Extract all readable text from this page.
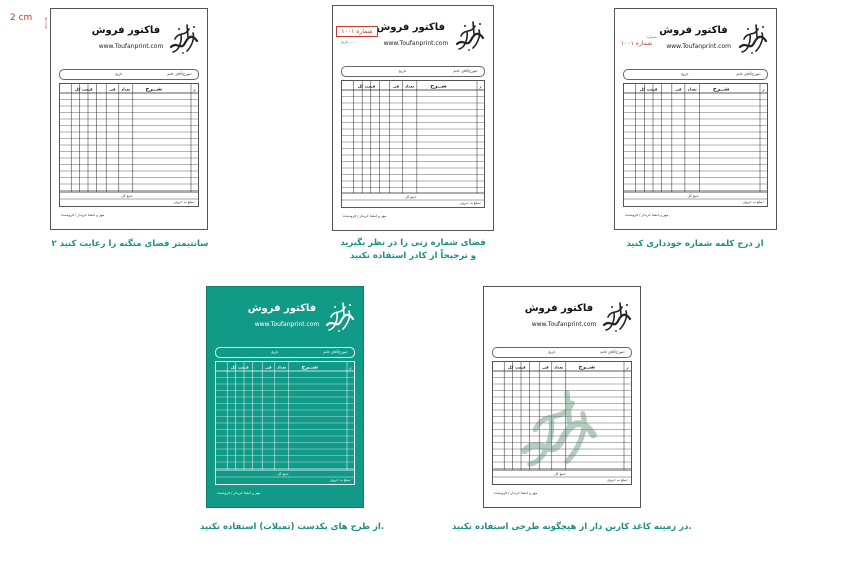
2 cm
فاکتور فروش
www.Toufanprint.com
مورخ/آقای خانم:
تاریخ
ر
شــرح
تعداد
فی
قیمت کل
جمع کل
مبلغ به حروف:
مهر و امضا خریدار / فروشنده
۲ سانتیمتر فضای منگنه را رعایت کنید
فاکتور فروش
www.Toufanprint.com
مورخ/آقای خانم:
تاریخ
ر
شــرح
تعداد
فی
قیمت کل
جمع کل
مبلغ به حروف:
مهر و امضا خریدار / فروشنده
شماره ۱۰۰۱
تاریخ .......
فضای شماره زنی را در نظر بگیرید
و ترجیحاً از کادر استفاده نکنید
فاکتور فروش
www.Toufanprint.com
مورخ/آقای خانم:
تاریخ
ر
شــرح
تعداد
فی
قیمت کل
جمع کل
مبلغ به حروف:
مهر و امضا خریدار / فروشنده
شماره:
شماره ۱۰۰۱
از درج کلمه شماره خودداری کنید
فاکتور فروش
www.Toufanprint.com
مورخ/آقای خانم:
تاریخ
ر
شــرح
تعداد
فی
قیمت کل
جمع کل
مبلغ به حروف:
مهر و امضا خریدار / فروشنده
از طرح های بکدست (تمپلات) استفاده نکنید.
فاکتور فروش
www.Toufanprint.com
مورخ/آقای خانم:
تاریخ
ر
شــرح
تعداد
فی
قیمت کل
جمع کل
مبلغ به حروف:
مهر و امضا خریدار / فروشنده
در زمینه کاغذ کاربن دار از هیچگونه طرحی استفاده نکنید.
